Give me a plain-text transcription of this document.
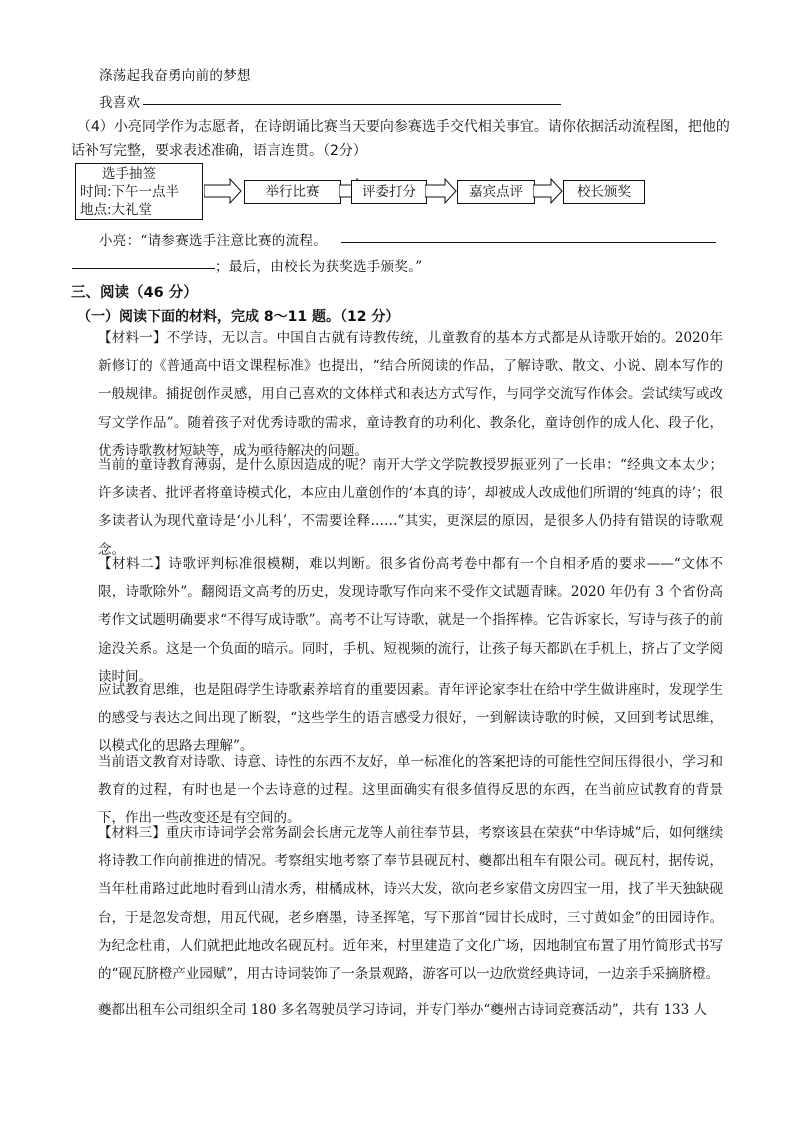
涤荡起我奋勇向前的梦想
我喜欢
（4）小亮同学作为志愿者，在诗朗诵比赛当天要向参赛选手交代相关事宜。请你依据活动流程图，把他的
话补写完整，要求表述准确，语言连贯。（2分）
选手抽签
时间:下午一点半
地点:大礼堂
举行比赛	评委打分	嘉宾点评	校长颁奖
小亮：“请参赛选手注意比赛的流程。
；最后，由校长为获奖选手颁奖。”
三、阅读（46 分）
（一）阅读下面的材料，完成 8～11 题。（12 分）
【材料一】不学诗，无以言。中国自古就有诗教传统，儿童教育的基本方式都是从诗歌开始的。2020年新修订的《普通高中语文课程标准》也提出，“结合所阅读的作品，了解诗歌、散文、小说、剧本写作的一般规律。捕捉创作灵感，用自己喜欢的文体样式和表达方式写作，与同学交流写作体会。尝试续写或改写文学作品”。随着孩子对优秀诗歌的需求，童诗教育的功利化、教条化，童诗创作的成人化、段子化，优秀诗歌教材短缺等，成为亟待解决的问题。
当前的童诗教育薄弱，是什么原因造成的呢？南开大学文学院教授罗振亚列了一长串：“经典文本太少；许多读者、批评者将童诗模式化，本应由儿童创作的‘本真的诗’，却被成人改成他们所谓的‘纯真的诗’；很多读者认为现代童诗是‘小儿科’，不需要诠释……”其实，更深层的原因，是很多人仍持有错误的诗歌观念。
【材料二】诗歌评判标准很模糊，难以判断。很多省份高考卷中都有一个自相矛盾的要求——“文体不限，诗歌除外”。翻阅语文高考的历史，发现诗歌写作向来不受作文试题青睐。2020 年仍有 3 个省份高考作文试题明确要求“不得写成诗歌”。高考不让写诗歌，就是一个指挥棒。它告诉家长，写诗与孩子的前途没关系。这是一个负面的暗示。同时，手机、短视频的流行，让孩子每天都趴在手机上，挤占了文学阅读时间。
应试教育思维，也是阻碍学生诗歌素养培育的重要因素。青年评论家李壮在给中学生做讲座时，发现学生的感受与表达之间出现了断裂，“这些学生的语言感受力很好，一到解读诗歌的时候，又回到考试思维，以模式化的思路去理解”。
当前语文教育对诗歌、诗意、诗性的东西不友好，单一标准化的答案把诗的可能性空间压得很小，学习和教育的过程，有时也是一个去诗意的过程。这里面确实有很多值得反思的东西，在当前应试教育的背景下，作出一些改变还是有空间的。
【材料三】重庆市诗词学会常务副会长唐元龙等人前往奉节县，考察该县在荣获“中华诗城”后，如何继续将诗教工作向前推进的情况。考察组实地考察了奉节县砚瓦村、夔都出租车有限公司。砚瓦村，据传说，当年杜甫路过此地时看到山清水秀，柑橘成林，诗兴大发，欲向老乡家借文房四宝一用，找了半天独缺砚台，于是忽发奇想，用瓦代砚，老乡磨墨，诗圣挥笔，写下那首“园甘长成时，三寸黄如金”的田园诗作。为纪念杜甫，人们就把此地改名砚瓦村。近年来，村里建造了文化广场，因地制宜布置了用竹简形式书写的“砚瓦脐橙产业园赋”，用古诗词装饰了一条景观路，游客可以一边欣赏经典诗词，一边亲手采摘脐橙。
夔都出租车公司组织全司 180 多名驾驶员学习诗词，并专门举办“夔州古诗词竞赛活动”，共有 133 人
